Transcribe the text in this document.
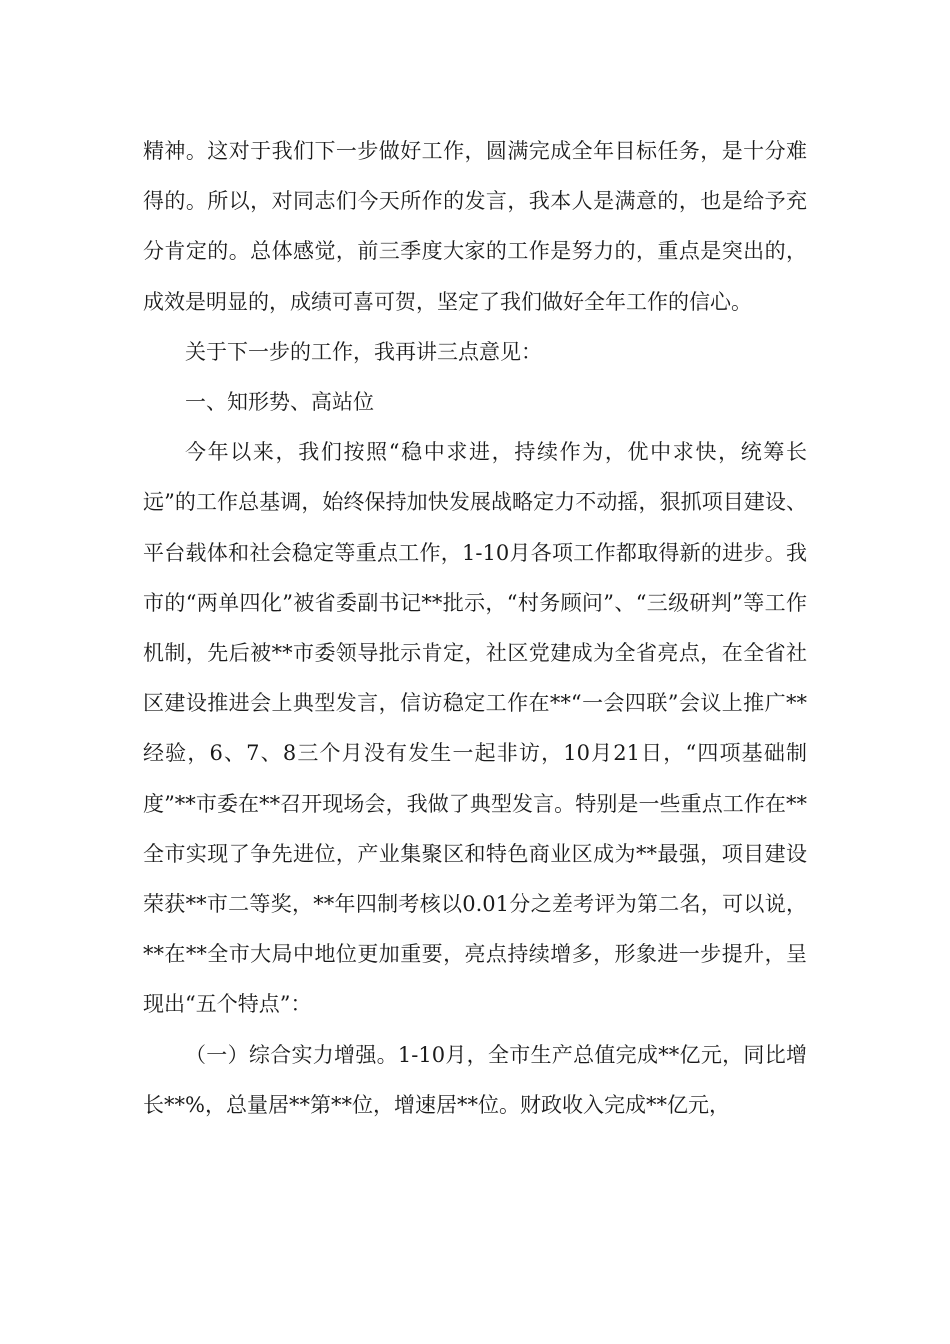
精神。这对于我们下一步做好工作，圆满完成全年目标任务，是十分难得的。所以，对同志们今天所作的发言，我本人是满意的，也是给予充分肯定的。总体感觉，前三季度大家的工作是努力的，重点是突出的，成效是明显的，成绩可喜可贺，坚定了我们做好全年工作的信心。

关于下一步的工作，我再讲三点意见：

一、知形势、高站位

今年以来，我们按照“稳中求进，持续作为，优中求快，统筹长远”的工作总基调，始终保持加快发展战略定力不动摇，狠抓项目建设、平台载体和社会稳定等重点工作，1-10月各项工作都取得新的进步。我市的“两单四化”被省委副书记**批示，“村务顾问”、“三级研判”等工作机制，先后被**市委领导批示肯定，社区党建成为全省亮点，在全省社区建设推进会上典型发言，信访稳定工作在**“一会四联”会议上推广**经验，6、7、8三个月没有发生一起非访，10月21日，“四项基础制度”**市委在**召开现场会，我做了典型发言。特别是一些重点工作在**全市实现了争先进位，产业集聚区和特色商业区成为**最强，项目建设荣获**市二等奖，**年四制考核以0.01分之差考评为第二名，可以说，**在**全市大局中地位更加重要，亮点持续增多，形象进一步提升，呈现出“五个特点”：

（一）综合实力增强。1-10月，全市生产总值完成**亿元，同比增长**%，总量居**第**位，增速居**位。财政收入完成**亿元，
